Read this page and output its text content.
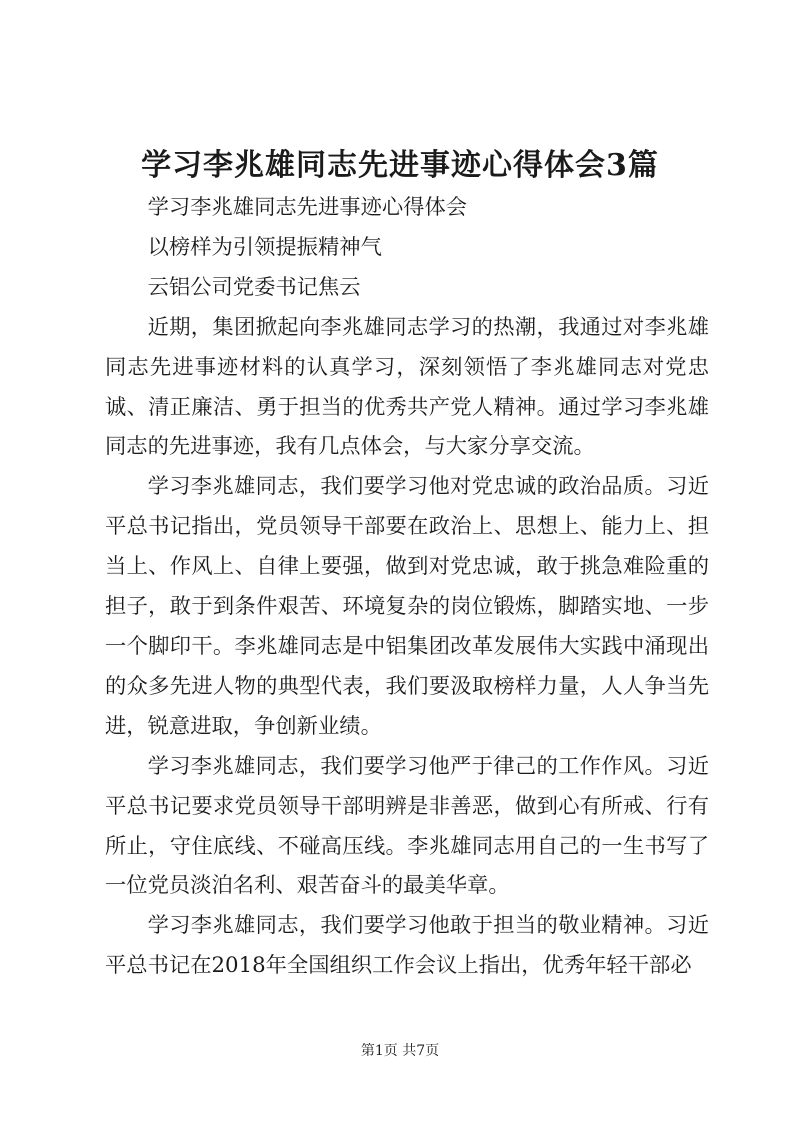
学习李兆雄同志先进事迹心得体会3篇

学习李兆雄同志先进事迹心得体会

以榜样为引领提振精神气

云铝公司党委书记焦云

近期，集团掀起向李兆雄同志学习的热潮，我通过对李兆雄同志先进事迹材料的认真学习，深刻领悟了李兆雄同志对党忠诚、清正廉洁、勇于担当的优秀共产党人精神。通过学习李兆雄同志的先进事迹，我有几点体会，与大家分享交流。

学习李兆雄同志，我们要学习他对党忠诚的政治品质。习近平总书记指出，党员领导干部要在政治上、思想上、能力上、担当上、作风上、自律上要强，做到对党忠诚，敢于挑急难险重的担子，敢于到条件艰苦、环境复杂的岗位锻炼，脚踏实地、一步一个脚印干。李兆雄同志是中铝集团改革发展伟大实践中涌现出的众多先进人物的典型代表，我们要汲取榜样力量，人人争当先进，锐意进取，争创新业绩。

学习李兆雄同志，我们要学习他严于律己的工作作风。习近平总书记要求党员领导干部明辨是非善恶，做到心有所戒、行有所止，守住底线、不碰高压线。李兆雄同志用自己的一生书写了一位党员淡泊名利、艰苦奋斗的最美华章。

学习李兆雄同志，我们要学习他敢于担当的敬业精神。习近平总书记在2018年全国组织工作会议上指出，优秀年轻干部必

第1页 共7页
